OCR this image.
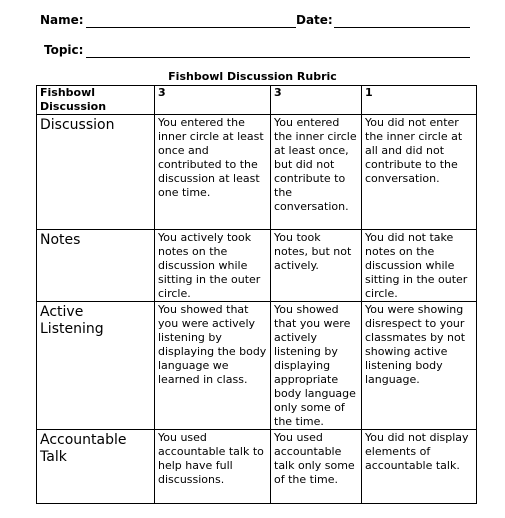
Name:	Date:
Topic:
Fishbowl Discussion Rubric
Fishbowl Discussion	3	3	1
Discussion	You entered the inner circle at least once and contributed to the discussion at least one time.	You entered the inner circle at least once, but did not contribute to the conversation.	You did not enter the inner circle at all and did not contribute to the conversation.
Notes	You actively took notes on the discussion while sitting in the outer circle.	You took notes, but not actively.	You did not take notes on the discussion while sitting in the outer circle.
Active Listening	You showed that you were actively listening by displaying the body language we learned in class.	You showed that you were actively listening by displaying appropriate body language only some of the time.	You were showing disrespect to your classmates by not showing active listening body language.
Accountable Talk	You used accountable talk to help have full discussions.	You used accountable talk only some of the time.	You did not display elements of accountable talk.
